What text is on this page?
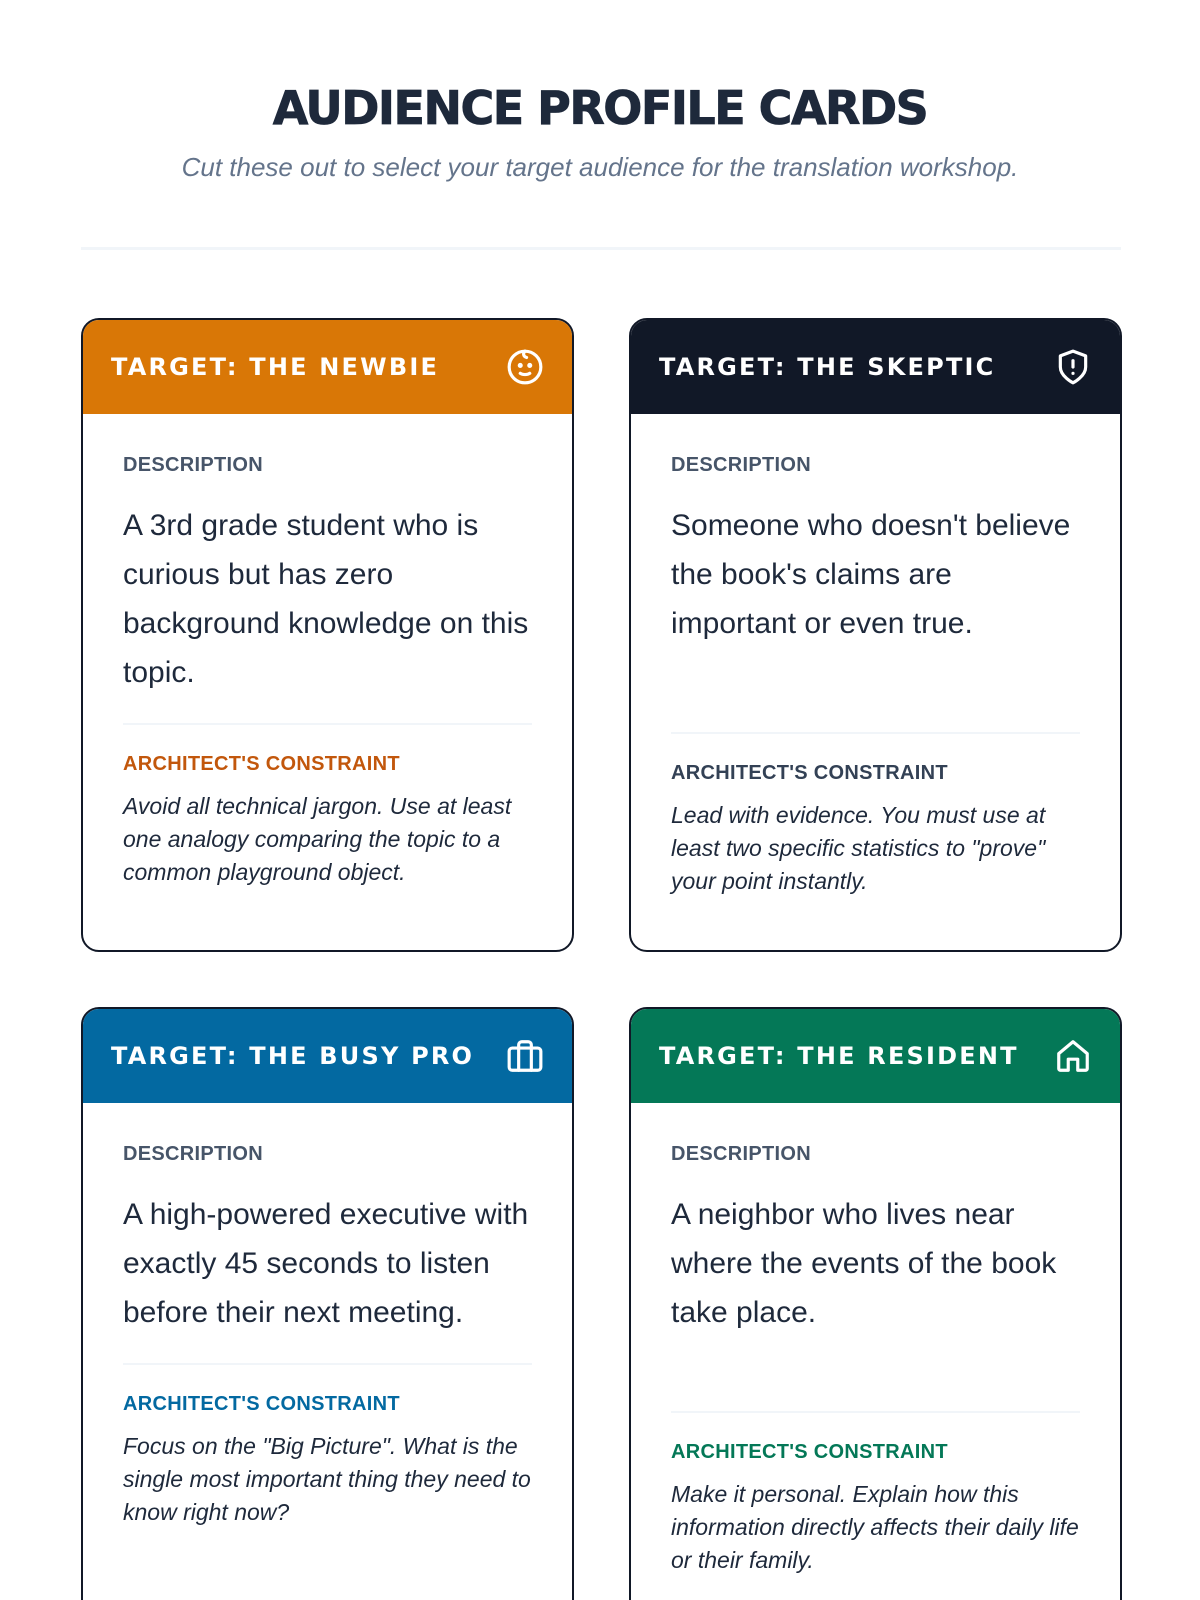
AUDIENCE PROFILE CARDS
Cut these out to select your target audience for the translation workshop.
TARGET: THE NEWBIE
DESCRIPTION
A 3rd grade student who is curious but has zero background knowledge on this topic.
ARCHITECT'S CONSTRAINT
Avoid all technical jargon. Use at least one analogy comparing the topic to a common playground object.
TARGET: THE SKEPTIC
DESCRIPTION
Someone who doesn't believe the book's claims are important or even true.
ARCHITECT'S CONSTRAINT
Lead with evidence. You must use at least two specific statistics to "prove" your point instantly.
TARGET: THE BUSY PRO
DESCRIPTION
A high-powered executive with exactly 45 seconds to listen before their next meeting.
ARCHITECT'S CONSTRAINT
Focus on the "Big Picture". What is the single most important thing they need to know right now?
TARGET: THE RESIDENT
DESCRIPTION
A neighbor who lives near where the events of the book take place.
ARCHITECT'S CONSTRAINT
Make it personal. Explain how this information directly affects their daily life or their family.
